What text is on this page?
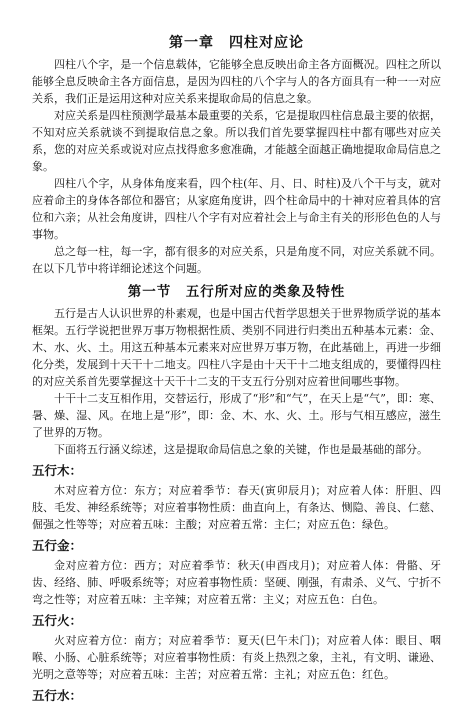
第一章　四柱对应论

四柱八个字，是一个信息载体，它能够全息反映出命主各方面概况。四柱之所以能够全息反映命主各方面信息，是因为四柱的八个字与人的各方面具有一种一一对应关系，我们正是运用这种对应关系来提取命局的信息之象。

对应关系是四柱预测学最基本最重要的关系，它是提取四柱信息最主要的依据，不知对应关系就谈不到提取信息之象。所以我们首先要掌握四柱中都有哪些对应关系，您的对应关系或说对应点找得愈多愈准确，才能越全面越正确地提取命局信息之象。

四柱八个字，从身体角度来看，四个柱(年、月、日、时柱)及八个干与支，就对应着命主的身体各部位和器官；从家庭角度讲，四个柱命局中的十神对应着具体的宫位和六亲；从社会角度讲，四柱八个字有对应着社会上与命主有关的形形色色的人与事物。

总之每一柱，每一字，都有很多的对应关系，只是角度不同，对应关系就不同。在以下几节中将详细论述这个问题。

第一节　五行所对应的类象及特性

五行是古人认识世界的朴素观，也是中国古代哲学思想关于世界物质学说的基本框架。五行学说把世界万事万物根据性质、类别不同进行归类出五种基本元素：金、木、水、火、土。用这五种基本元素来对应世界万事万物，在此基础上，再进一步细化分类，发展到十天干十二地支。四柱八字是由十天干十二地支组成的，要懂得四柱的对应关系首先要掌握这十天干十二支的干支五行分别对应着世间哪些事物。

十干十二支互相作用，交替运行，形成了“形”和“气”，在天上是“气”，即：寒、暑、燥、湿、风。在地上是“形”，即：金、木、水、火、土。形与气相互感应，滋生了世界的万物。

下面将五行涵义综述，这是提取命局信息之象的关键，作也是最基础的部分。

五行木：

木对应着方位：东方；对应着季节：春天(寅卯辰月)；对应着人体：肝胆、四肢、毛发、神经系统等；对应着事物性质：曲直向上，有条达、恻隐、善良、仁慈、倔强之性等等；对应着五味：主酸；对应着五常：主仁；对应五色：绿色。

五行金：

金对应着方位：西方；对应着季节：秋天(申酉戌月)；对应着人体：骨骼、牙齿、经络、肺、呼吸系统等；对应着事物性质：坚硬、刚强，有肃杀、义气、宁折不弯之性等；对应着五味：主辛辣；对应着五常：主义；对应五色：白色。

五行火：

火对应着方位：南方；对应着季节：夏天(巳午未门)；对应着人体：眼目、咽喉、小肠、心脏系统等；对应着事物性质：有炎上热烈之象，主礼，有文明、谦逊、光明之意等等；对应着五味：主苦；对应着五常：主礼；对应五色：红色。

五行水：
